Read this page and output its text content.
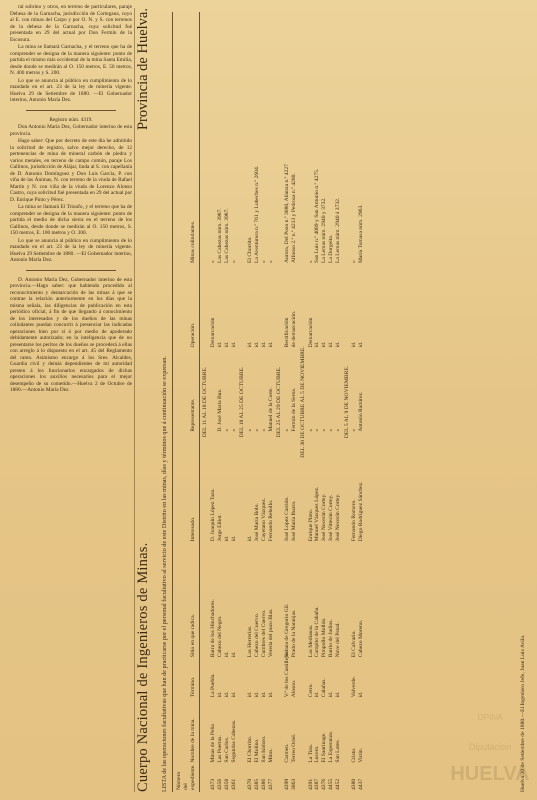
ral sobrino y otros, en terreno de particulares, paraje Dehesa de la Garnacha, jurisdicción de Cortegana, cuyo al E. con minas del Carpo y por O. N. y S. con terrenos de la dehesa de la Garnacha, cuya solicitud fué presentada en 29 del actual por Don Fermín de la Escosura.

La mina se llamará Garnacha, y el terreno que ha de comprender se designa de la manera siguiente: punto de partida el mismo más occidental de la mina Santa Emilia, desde donde se medirán al O. 150 metros, E. 50 metros, N. 400 metros y S. 200.

Lo que se anuncia al público en cumplimiento de lo mandado en el art. 23 de la ley de minería vigente. Huelva 29 de Setiembre de 1880. —El Gobernador interino, Antonio María Dez.

Registro núm. 4319.

Don Antonio María Dez, Gobernador interino de esta provincia.

Hago saber: Que por decreto de este día he admitido la solicitud de registro, salvo mejor derecho, de 12 pertenencias de mina de mineral carbón de piedra y varios metales, en terreno de campo común, paraje Los Gallinos, jurisdicción de Alájar, linda al S. con capellanía de D. Antonio Domínguez y Don Luis García, P. con viña de las Ánimas, N. con terreno de la viuda de Rafael Martín y N. con viña de la viuda de Lorenzo Alonso Castro, cuya solicitud fué presentada en 29 del actual por D. Enrique Pinto y Pérez.

La mina se llamará El Triunfo, y el terreno que ha de comprender se designa de la manera siguiente: punto de partida el medio de dicha sierra en el terreno de los Gallinos, desde donde se medirán al O. 150 metros, S. 150 metros, E. 100 metros y O. 300.

Lo que se anuncia al público en cumplimiento de lo mandado en el art. 23 de la ley de minería vigente. Huelva 29 Setiembre de 1880. —El Gobernador interino, Antonio María Dez.

D. Antonio María Dez, Gobernador interino de esta provincia.—Hago saber: que habiendo procedido al reconocimiento y demarcación de las minas á que se contrae la relación anteriormente en los días que la misma señala, las diligencias de publicación en esta periódico oficial, á fin de que llegando á conocimiento de los interesados y de los dueños de las minas colindantes puedan concurrir á presenciar las indicadas operaciones bien por sí ó por medio de apoderado debidamente autorizado; en la inteligencia que de no presentarse los peritos de los dueños se procederá á ellas con arreglo á lo dispuesto en el art. 45 del Reglamento del ramo. Asimismo encargo á los Sres. Alcaldes, Guardia civil y demás dependientes de mi autoridad presten á los funcionarios encargados de dichas operaciones los auxilios necesarios para el mejor desempeño de su cometido.—Huelva 2 de Octubre de 1880.—Antonio María Dez.

Cuerpo Nacional de Ingenieros de Minas.
Provincia de Huelva.
LISTA de las operaciones facultativas que han de practicarse por el personal facultativo al servicio de este Distrito en las minas, días y términos que á continuación se expresan. Número del expediente.	Nombre de la mina.	Término.	Sitio en que radica.	Interesado.	Representante.	Operación.	Minas colindantes.
DEL 11 AL 18 DE OCTUBRE.							
4373	Minas de la Peña	La Puebla.	Barra de los Hinchadores.	D. Joaquín López Tazo.		Demarcación	»
4356	Las Puertas.	id.	Cabezo del Negro.	Jorge Elliot.	D. José María Buz.	id.	Las Cabezas núm. 3987.
4358	San Carlos.	id.	id.	id.	»	id.	Las Cabezas núm. 3987.
4361	Segundas Cabezas.	id.	id.	id.	»	id.	»
DEL 18 AL 25 DE OCTUBRE.							
4370	El Chorrito.	id.	Las Herrerías.	id.	»	id.	El Chorrito.
4385	El Molino.	id.	Cabezo del Cuervo.	José María Bolo.	»	id.	La Aventurera n.º 761 y Lobeches n.º 2604.
4386	San Isidoro.	id.	Cumbres del Cuervo.	Cayetano Vázquez.	»	id.	»
4377	Mitos.	id.	Vereda del pozo Blas.	Fernando Rebollo.	Manuel de la Corte.	id.	»
DEL 25 AL 29 DE OCTUBRE.							
4399	Carmen.	V.ª de los Castillejos	Solana de Gregorio Gil.	José Lopez Carrión.	»	Rectificación	Aurora, Del Pozo n.º 3080, Alianza n.º 4227
3063	Terreo Oriel.	Alosno.	Prado de la Naranjas.	José María Ibarra.	Fermín de la Serna.	de demarcación.	Alfonso 2.º n.º 4213 y Pedrosa n.º 4280.
DEL 30 DE OCTUBRE AL 5 DE NOVIEMBRE.							
4391	La Tina.	Cerro.	Las Medianas.	Enrique Pinto.	»	Demarcación	»
4387	Lucero.	id.	Campito de la Cabaña.	Manuel Vázquez López.	»	id.	San Luis n.º 4089 y San Antonio n.º 4275.
4376	El Saurinage.	Calañas.	Pimpollo Mollón.	José Nocerán Cortey.	»	id.	La Lemas núm. 2940 y 3732.
4455	La Esperanza.	id.	Barrio de Judíos.	José Vitterán Cortey.	»	id.	La Dorgeita.
4452	San Lotes.	id.	Nave del Pezal.	José Nocerán Cortey.	»	id.	La Lemas núm. 2940 á 3732.
DEL 5 AL 9 DE NOVIEMBRE.							
4380	Cristo.	Valverde.	El Calvario.	Fernando Romero.	»	id.	»
4437	Virrin.	id.	Cabezo Moreno.	Diego Rodríguez Sánchez.	Antonio Ramírez.	id.	María Tomasa núm. 2963.
Huelva 30 de Setiembre de 1880.—El Ingeniero Jefe, Juan Luis Avila.
OPINA
Diputación
HUELVA
